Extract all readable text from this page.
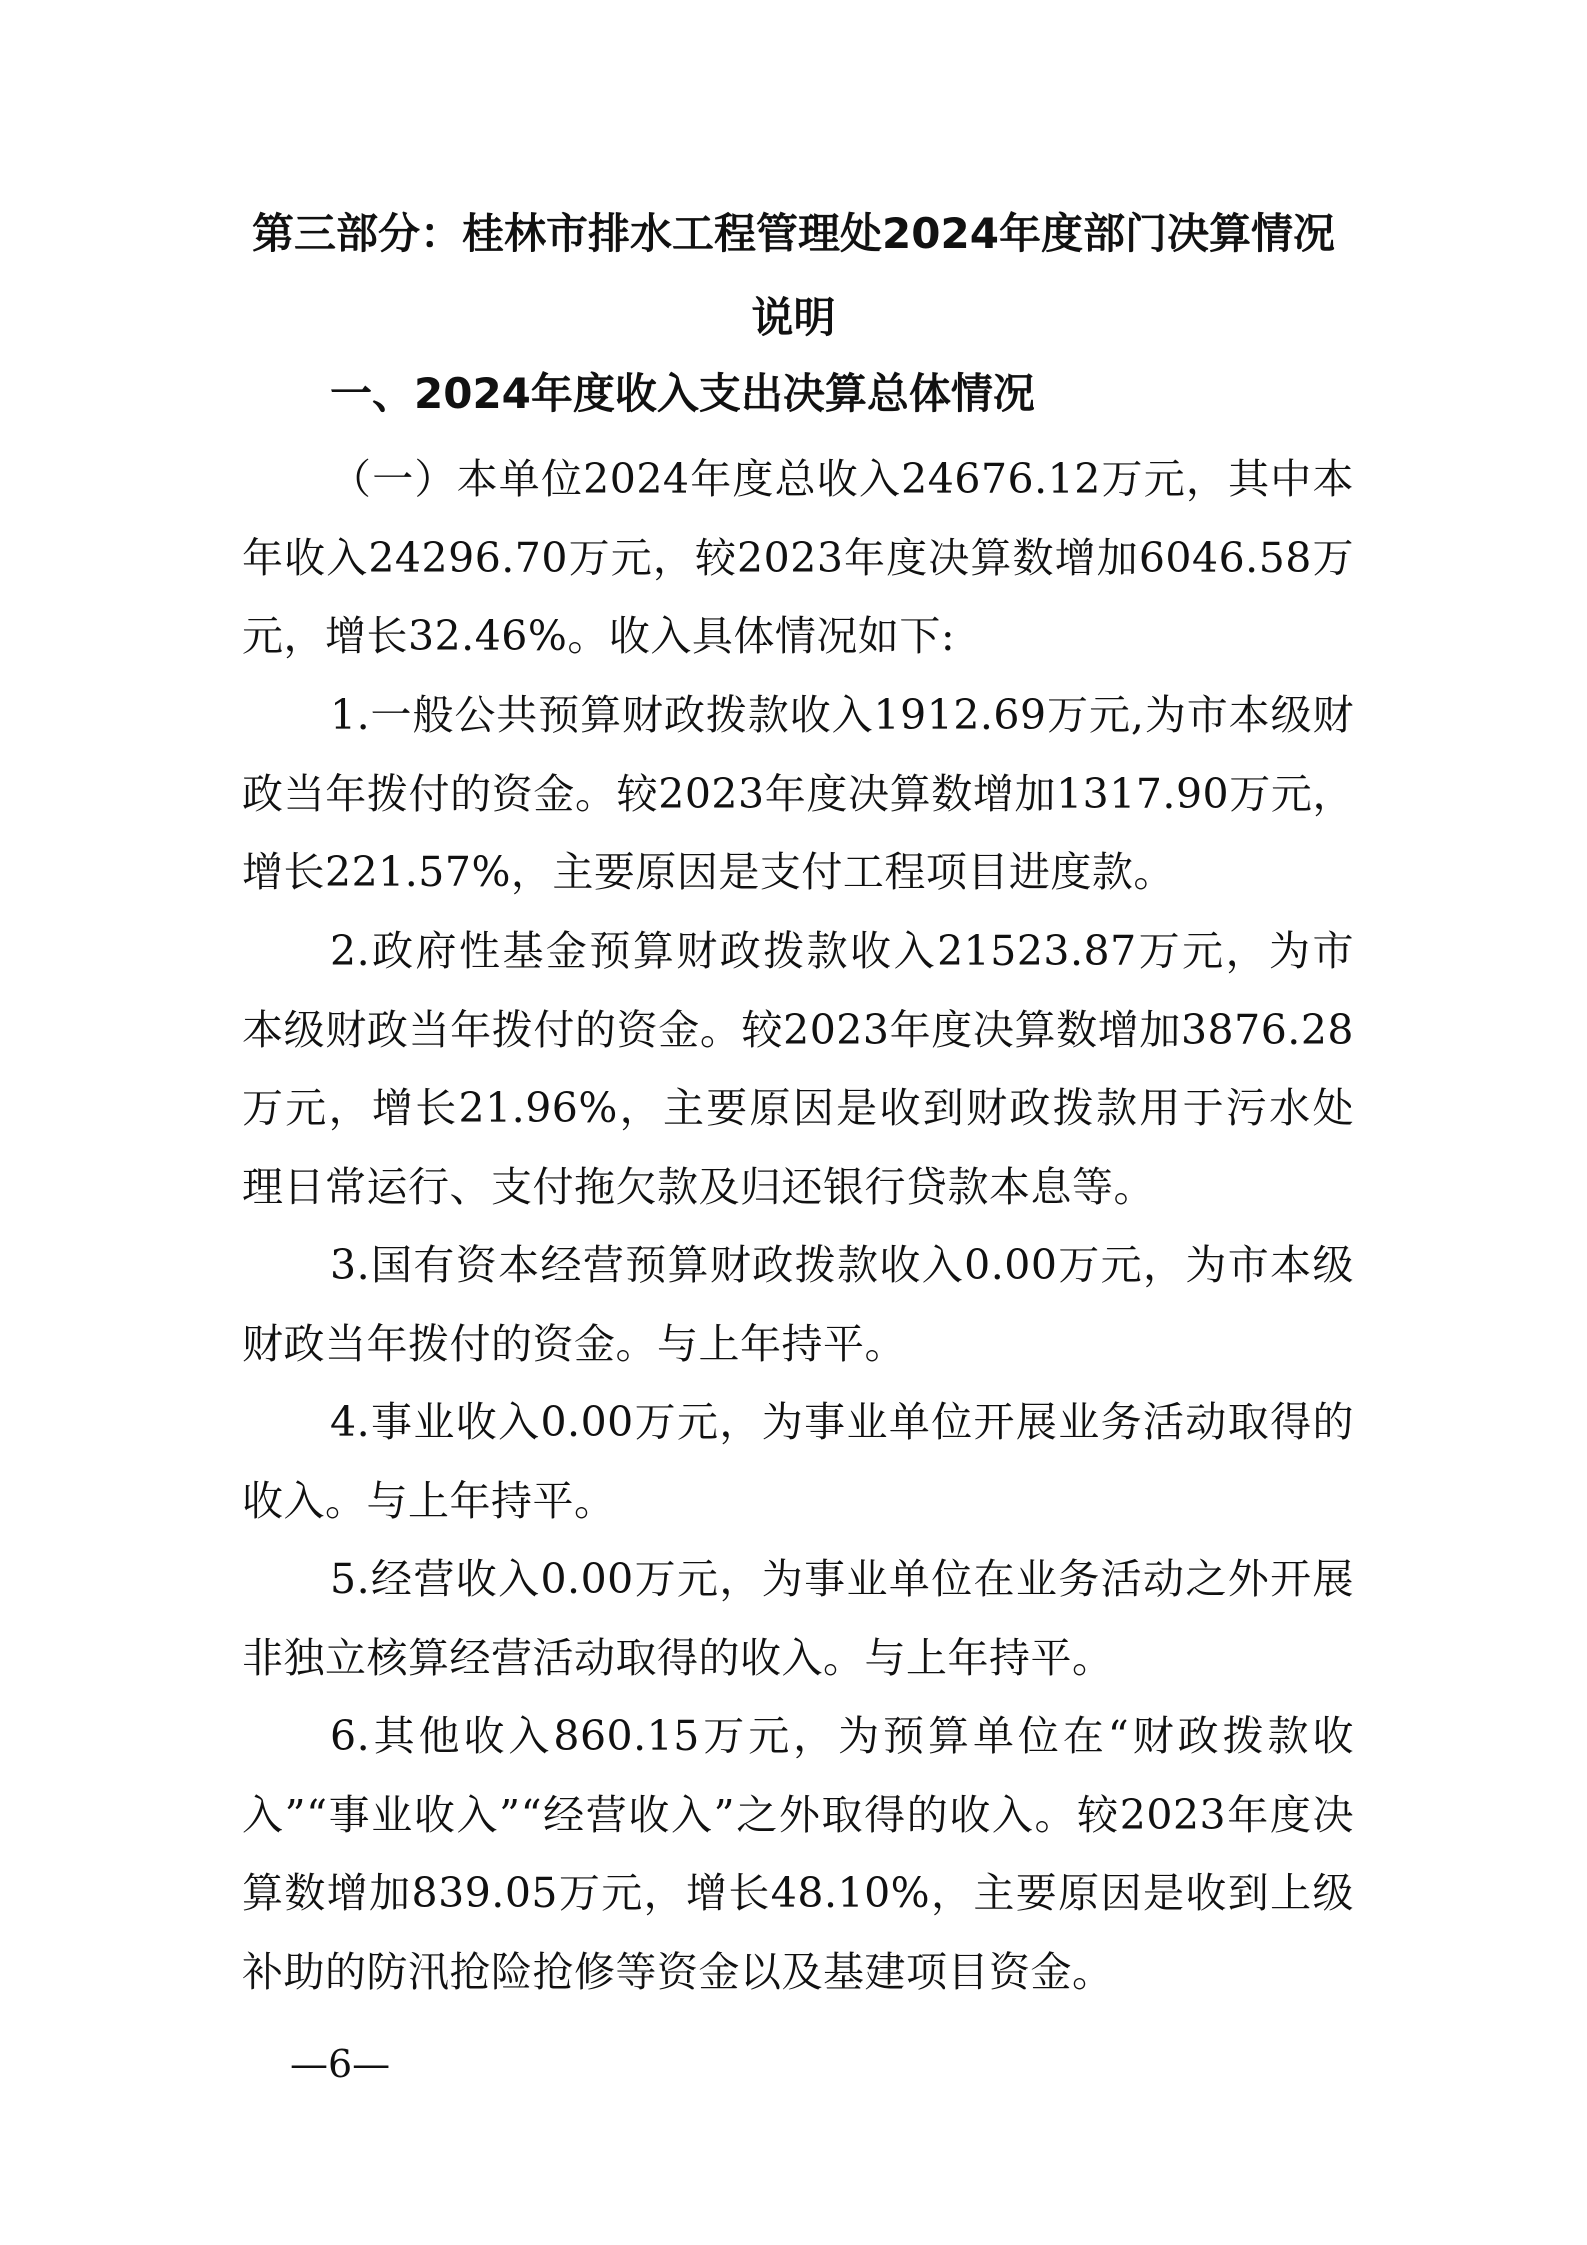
第三部分：桂林市排水工程管理处2024年度部门决算情况
说明
一、2024年度收入支出决算总体情况

（一）本单位2024年度总收入24676.12万元，其中本年收入24296.70万元，较2023年度决算数增加6046.58万元，增长32.46%。收入具体情况如下:

1.一般公共预算财政拨款收入1912.69万元,为市本级财政当年拨付的资金。较2023年度决算数增加1317.90万元，增长221.57%，主要原因是支付工程项目进度款。

2.政府性基金预算财政拨款收入21523.87万元，为市本级财政当年拨付的资金。较2023年度决算数增加3876.28万元，增长21.96%，主要原因是收到财政拨款用于污水处理日常运行、支付拖欠款及归还银行贷款本息等。

3.国有资本经营预算财政拨款收入0.00万元，为市本级财政当年拨付的资金。与上年持平。

4.事业收入0.00万元，为事业单位开展业务活动取得的收入。与上年持平。

5.经营收入0.00万元，为事业单位在业务活动之外开展非独立核算经营活动取得的收入。与上年持平。

6.其他收入860.15万元，为预算单位在“财政拨款收入”“事业收入”“经营收入”之外取得的收入。较2023年度决算数增加839.05万元，增长48.10%，主要原因是收到上级补助的防汛抢险抢修等资金以及基建项目资金。

—6—
